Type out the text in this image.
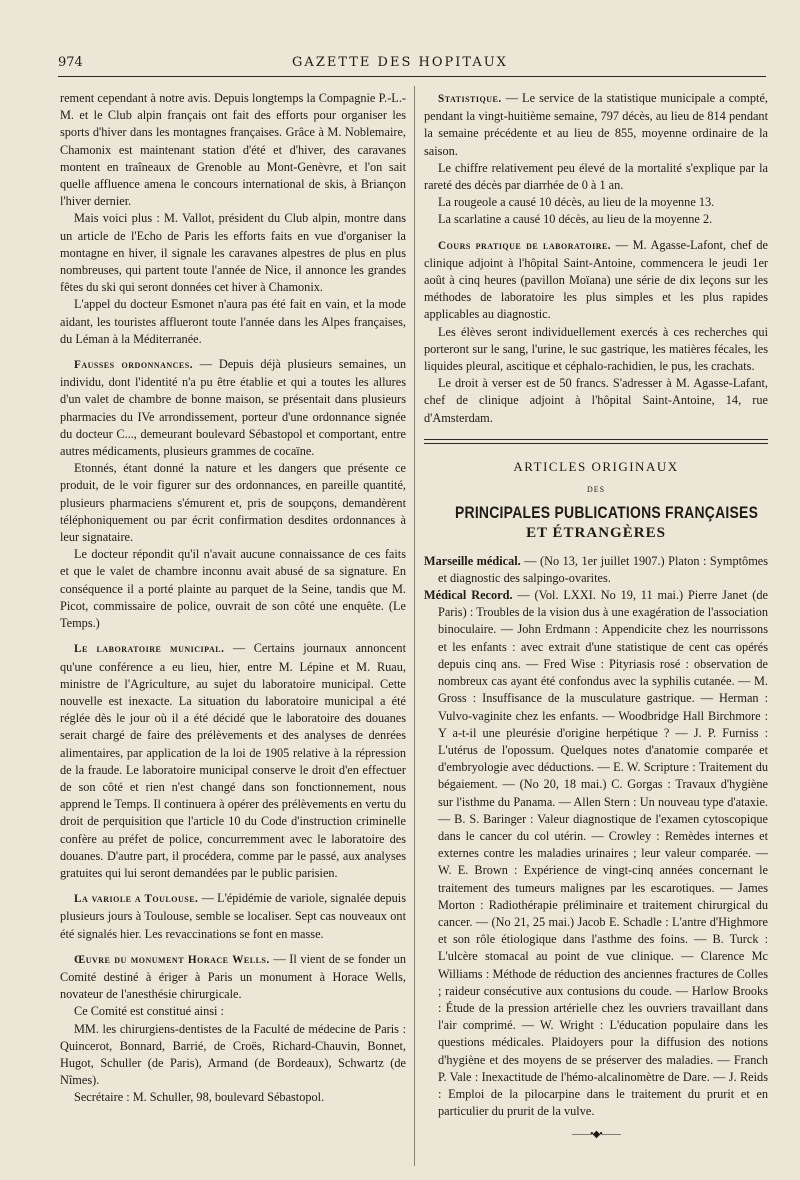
974	GAZETTE DES HOPITAUX

rement cependant à notre avis. Depuis longtemps la Compagnie P.-L.-M. et le Club alpin français ont fait des efforts pour organiser les sports d'hiver dans les montagnes françaises. Grâce à M. Noblemaire, Chamonix est maintenant station d'été et d'hiver, des caravanes montent en traîneaux de Grenoble au Mont-Genèvre, et l'on sait quelle affluence amena le concours international de skis, à Briançon l'hiver dernier.

Mais voici plus : M. Vallot, président du Club alpin, montre dans un article de l'Echo de Paris les efforts faits en vue d'organiser la montagne en hiver, il signale les caravanes alpestres de plus en plus nombreuses, qui partent toute l'année de Nice, il annonce les grandes fêtes du ski qui seront données cet hiver à Chamonix.

L'appel du docteur Esmonet n'aura pas été fait en vain, et la mode aidant, les touristes afflueront toute l'année dans les Alpes françaises, du Léman à la Méditerranée.

Fausses ordonnances. — Depuis déjà plusieurs semaines, un individu, dont l'identité n'a pu être établie et qui a toutes les allures d'un valet de chambre de bonne maison, se présentait dans plusieurs pharmacies du IVe arrondissement, porteur d'une ordonnance signée du docteur C..., demeurant boulevard Sébastopol et comportant, entre autres médicaments, plusieurs grammes de cocaïne.

Etonnés, étant donné la nature et les dangers que présente ce produit, de le voir figurer sur des ordonnances, en pareille quantité, plusieurs pharmaciens s'émurent et, pris de soupçons, demandèrent téléphoniquement ou par écrit confirmation desdites ordonnances à leur signataire.

Le docteur répondit qu'il n'avait aucune connaissance de ces faits et que le valet de chambre inconnu avait abusé de sa signature. En conséquence il a porté plainte au parquet de la Seine, tandis que M. Picot, commissaire de police, ouvrait de son côté une enquête. (Le Temps.)

Le laboratoire municipal. — Certains journaux annoncent qu'une conférence a eu lieu, hier, entre M. Lépine et M. Ruau, ministre de l'Agriculture, au sujet du laboratoire municipal. Cette nouvelle est inexacte. La situation du laboratoire municipal a été réglée dès le jour où il a été décidé que le laboratoire des douanes serait chargé de faire des prélèvements et des analyses de denrées alimentaires, par application de la loi de 1905 relative à la répression de la fraude. Le laboratoire municipal conserve le droit d'en effectuer de son côté et rien n'est changé dans son fonctionnement, nous apprend le Temps. Il continuera à opérer des prélèvements en vertu du droit de perquisition que l'article 10 du Code d'instruction criminelle confère au préfet de police, concurremment avec le laboratoire des douanes. D'autre part, il procédera, comme par le passé, aux analyses gratuites qui lui seront demandées par le public parisien.

La variole a Toulouse. — L'épidémie de variole, signalée depuis plusieurs jours à Toulouse, semble se localiser. Sept cas nouveaux ont été signalés hier. Les revaccinations se font en masse.

Œuvre du monument Horace Wells. — Il vient de se fonder un Comité destiné à ériger à Paris un monument à Horace Wells, novateur de l'anesthésie chirurgicale.

Ce Comité est constitué ainsi :

MM. les chirurgiens-dentistes de la Faculté de médecine de Paris : Quincerot, Bonnard, Barrié, de Croës, Richard-Chauvin, Bonnet, Hugot, Schuller (de Paris), Armand (de Bordeaux), Schwartz (de Nîmes).

Secrétaire : M. Schuller, 98, boulevard Sébastopol.

Statistique. — Le service de la statistique municipale a compté, pendant la vingt-huitième semaine, 797 décès, au lieu de 814 pendant la semaine précédente et au lieu de 855, moyenne ordinaire de la saison.

Le chiffre relativement peu élevé de la mortalité s'explique par la rareté des décès par diarrhée de 0 à 1 an.

La rougeole a causé 10 décès, au lieu de la moyenne 13.

La scarlatine a causé 10 décès, au lieu de la moyenne 2.

Cours pratique de laboratoire. — M. Agasse-Lafont, chef de clinique adjoint à l'hôpital Saint-Antoine, commencera le jeudi 1er août à cinq heures (pavillon Moïana) une série de dix leçons sur les méthodes de laboratoire les plus simples et les plus rapides applicables au diagnostic.

Les élèves seront individuellement exercés à ces recherches qui porteront sur le sang, l'urine, le suc gastrique, les matières fécales, les liquides pleural, ascitique et céphalo-rachidien, le pus, les crachats.

Le droit à verser est de 50 francs. S'adresser à M. Agasse-Lafant, chef de clinique adjoint à l'hôpital Saint-Antoine, 14, rue d'Amsterdam.

ARTICLES ORIGINAUX
DES
PRINCIPALES PUBLICATIONS FRANÇAISES
ET ÉTRANGÈRES

Marseille médical. — (No 13, 1er juillet 1907.) Platon : Symptômes et diagnostic des salpingo-ovarites.

Médical Record. — (Vol. LXXI. No 19, 11 mai.) Pierre Janet (de Paris) : Troubles de la vision dus à une exagération de l'association binoculaire. — John Erdmann : Appendicite chez les nourrissons et les enfants : avec extrait d'une statistique de cent cas opérés depuis cinq ans. — Fred Wise : Pityriasis rosé : observation de nombreux cas ayant été confondus avec la syphilis cutanée. — M. Gross : Insuffisance de la musculature gastrique. — Herman : Vulvo-vaginite chez les enfants. — Woodbridge Hall Birchmore : Y a-t-il une pleurésie d'origine herpétique ? — J. P. Furniss : L'utérus de l'opossum. Quelques notes d'anatomie comparée et d'embryologie avec déductions. — E. W. Scripture : Traitement du bégaiement. — (No 20, 18 mai.) C. Gorgas : Travaux d'hygiène sur l'isthme du Panama. — Allen Stern : Un nouveau type d'ataxie. — B. S. Baringer : Valeur diagnostique de l'examen cytoscopique dans le cancer du col utérin. — Crowley : Remèdes internes et externes contre les maladies urinaires ; leur valeur comparée. — W. E. Brown : Expérience de vingt-cinq années concernant le traitement des tumeurs malignes par les escarotiques. — James Morton : Radiothérapie préliminaire et traitement chirurgical du cancer. — (No 21, 25 mai.) Jacob E. Schadle : L'antre d'Highmore et son rôle étiologique dans l'asthme des foins. — B. Turck : L'ulcère stomacal au point de vue clinique. — Clarence Mc Williams : Méthode de réduction des anciennes fractures de Colles ; raideur consécutive aux contusions du coude. — Harlow Brooks : Étude de la pression artérielle chez les ouvriers travaillant dans l'air comprimé. — W. Wright : L'éducation populaire dans les questions médicales. Plaidoyers pour la diffusion des notions d'hygiène et des moyens de se préserver des maladies. — Franch P. Vale : Inexactitude de l'hémo-alcalinomètre de Dare. — J. Reids : Emploi de la pilocarpine dans le traitement du prurit et en particulier du prurit de la vulve.

——•◆•——
